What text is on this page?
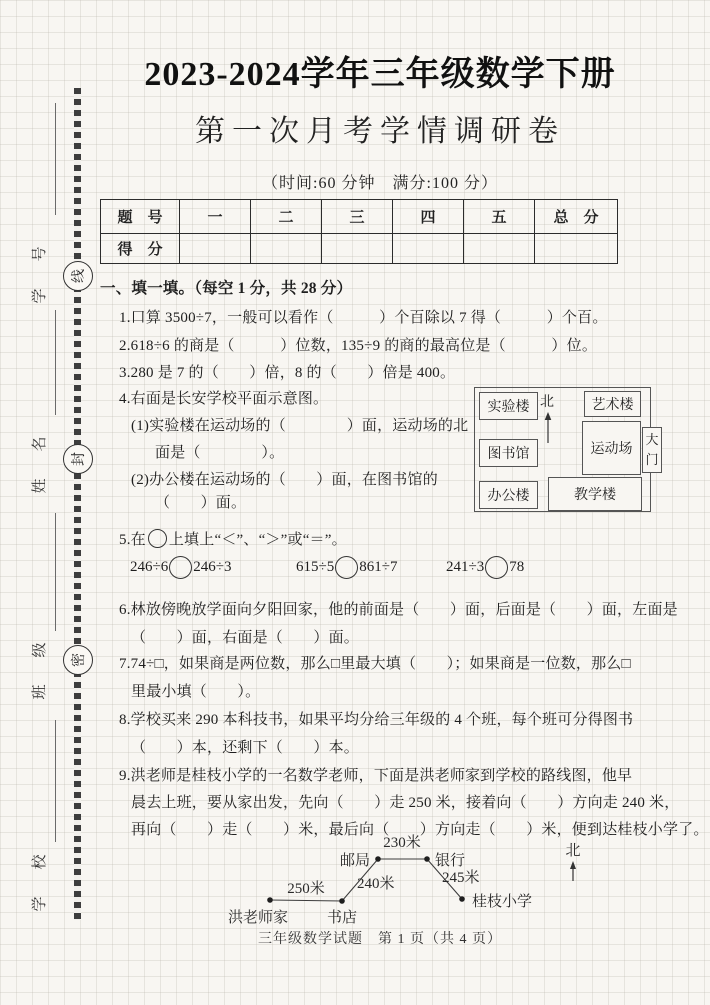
线
封
密
学　号
姓　名
班　级
学　校
2023-2024学年三年级数学下册
第一次月考学情调研卷
（时间:60 分钟　满分:100 分）
题　号	一	二	三	四	五	总　分
得　分						
一、填一填。（每空 1 分，共 28 分）
1.口算 3500÷7，一般可以看作（　　　）个百除以 7 得（　　　）个百。
2.618÷6 的商是（　　　）位数，135÷9 的商的最高位是（　　　）位。
3.280 是 7 的（　　）倍，8 的（　　）倍是 400。
4.右面是长安学校平面示意图。
(1)实验楼在运动场的（　　　　）面，运动场的北
面是（　　　　）。
(2)办公楼在运动场的（　　）面，在图书馆的
（　　）面。
实验楼 北	艺术楼
运动场
大门
图书馆
办公楼	教学楼
5.在 上填上“＜”、“＞”或“＝”。
246÷6 246÷3	615÷5 861÷7	241÷3 78
6.林放傍晚放学面向夕阳回家，他的前面是（　　）面，后面是（　　）面，左面是
（　　）面，右面是（　　）面。
7.74÷□，如果商是两位数，那么□里最大填（　　）；如果商是一位数，那么□
里最小填（　　）。
8.学校买来 290 本科技书，如果平均分给三年级的 4 个班，每个班可分得图书
（　　）本，还剩下（　　）本。
9.洪老师是桂枝小学的一名数学老师，下面是洪老师家到学校的路线图，他早
晨去上班，要从家出发，先向（　　）走 250 米，接着向（　　）方向走 240 米，
再向（　　）走（　　）米，最后向（　　）方向走（　　）米，便到达桂枝小学了。
邮局
230米
银行
240米	245米
250米
洪老师家	书店
桂枝小学
北
三年级数学试题　第 1 页（共 4 页）
